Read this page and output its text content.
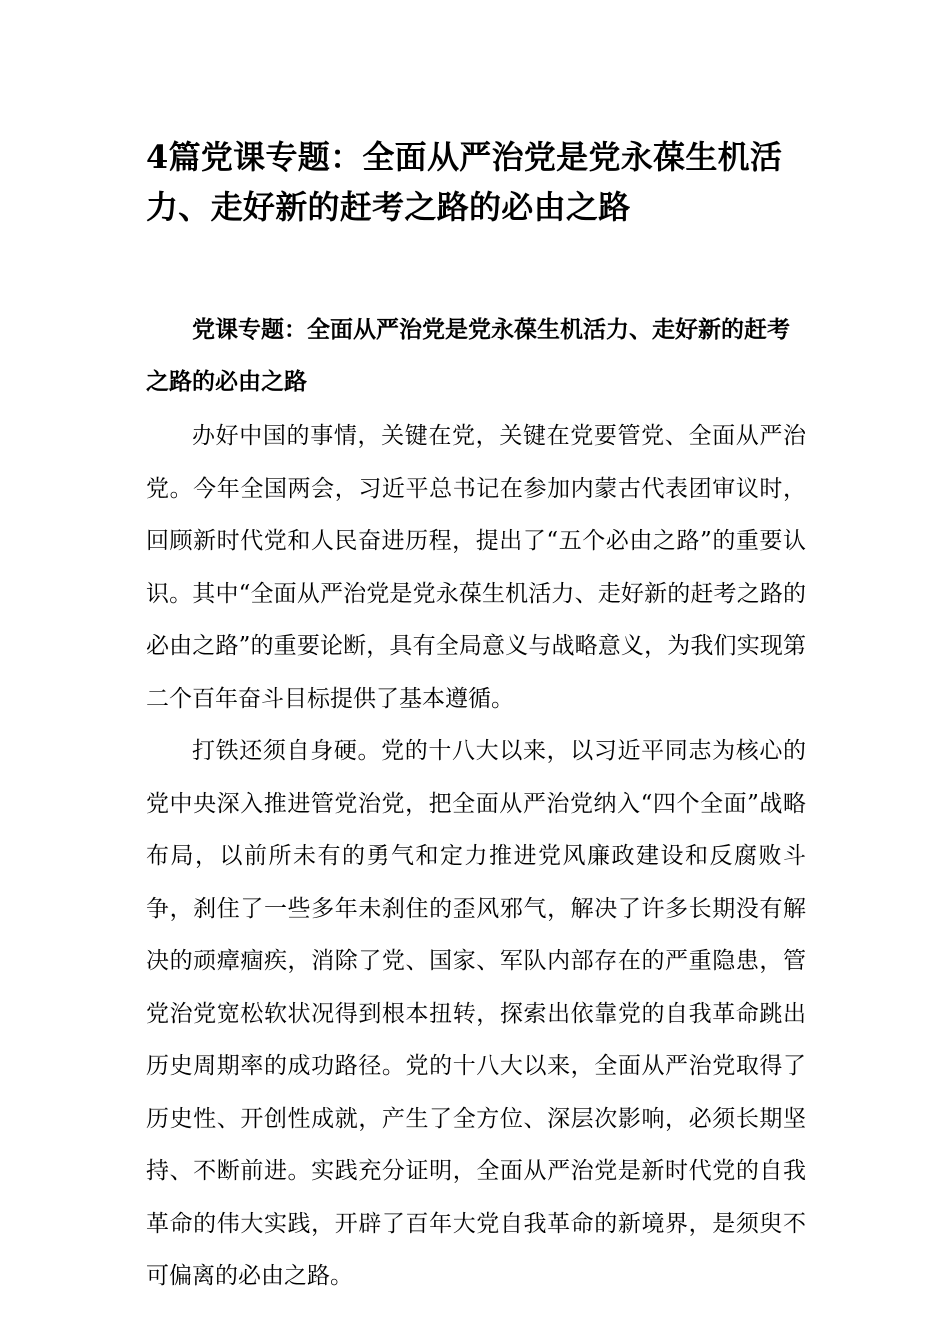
4篇党课专题：全面从严治党是党永葆生机活力、走好新的赶考之路的必由之路

党课专题：全面从严治党是党永葆生机活力、走好新的赶考之路的必由之路

办好中国的事情，关键在党，关键在党要管党、全面从严治党。今年全国两会，习近平总书记在参加内蒙古代表团审议时，回顾新时代党和人民奋进历程，提出了“五个必由之路”的重要认识。其中“全面从严治党是党永葆生机活力、走好新的赶考之路的必由之路”的重要论断，具有全局意义与战略意义，为我们实现第二个百年奋斗目标提供了基本遵循。

打铁还须自身硬。党的十八大以来，以习近平同志为核心的党中央深入推进管党治党，把全面从严治党纳入“四个全面”战略布局，以前所未有的勇气和定力推进党风廉政建设和反腐败斗争，刹住了一些多年未刹住的歪风邪气，解决了许多长期没有解决的顽瘴痼疾，消除了党、国家、军队内部存在的严重隐患，管党治党宽松软状况得到根本扭转，探索出依靠党的自我革命跳出历史周期率的成功路径。党的十八大以来，全面从严治党取得了历史性、开创性成就，产生了全方位、深层次影响，必须长期坚持、不断前进。实践充分证明，全面从严治党是新时代党的自我革命的伟大实践，开辟了百年大党自我革命的新境界，是须臾不可偏离的必由之路。
